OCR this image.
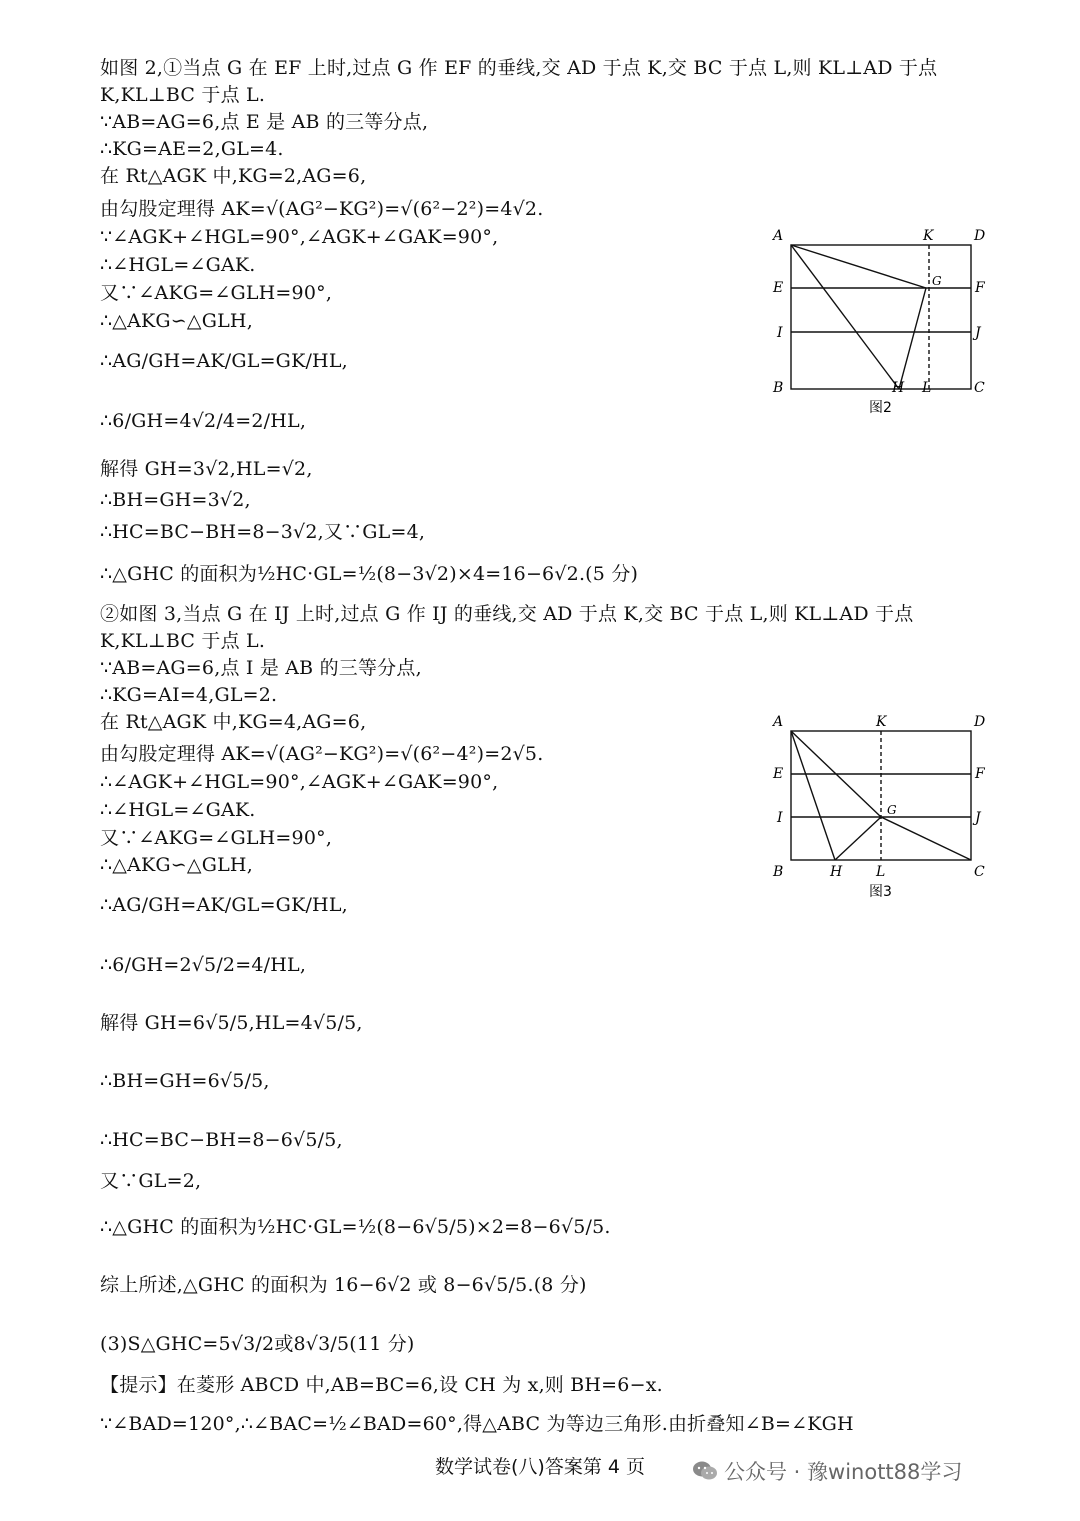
如图 2,①当点 G 在 EF 上时,过点 G 作 EF 的垂线,交 AD 于点 K,交 BC 于点 L,则 KL⊥AD 于点
K,KL⊥BC 于点 L.
∵AB=AG=6,点 E 是 AB 的三等分点,
∴KG=AE=2,GL=4.
在 Rt△AGK 中,KG=2,AG=6,
由勾股定理得 AK=√(AG²−KG²)=√(6²−2²)=4√2.
∵∠AGK+∠HGL=90°,∠AGK+∠GAK=90°,
∴∠HGL=∠GAK.
又∵∠AKG=∠GLH=90°,
∴△AKG∽△GLH,
∴AG/GH=AK/GL=GK/HL,
∴6/GH=4√2/4=2/HL,
解得 GH=3√2,HL=√2,
∴BH=GH=3√2,
∴HC=BC−BH=8−3√2,又∵GL=4,
∴△GHC 的面积为½HC·GL=½(8−3√2)×4=16−6√2.(5 分)
②如图 3,当点 G 在 IJ 上时,过点 G 作 IJ 的垂线,交 AD 于点 K,交 BC 于点 L,则 KL⊥AD 于点
K,KL⊥BC 于点 L.
∵AB=AG=6,点 I 是 AB 的三等分点,
∴KG=AI=4,GL=2.
在 Rt△AGK 中,KG=4,AG=6,
由勾股定理得 AK=√(AG²−KG²)=√(6²−4²)=2√5.
∴∠AGK+∠HGL=90°,∠AGK+∠GAK=90°,
∴∠HGL=∠GAK.
又∵∠AKG=∠GLH=90°,
∴△AKG∽△GLH,
∴AG/GH=AK/GL=GK/HL,
∴6/GH=2√5/2=4/HL,
解得 GH=6√5/5,HL=4√5/5,
∴BH=GH=6√5/5,
∴HC=BC−BH=8−6√5/5,
又∵GL=2,
∴△GHC 的面积为½HC·GL=½(8−6√5/5)×2=8−6√5/5.
综上所述,△GHC 的面积为 16−6√2 或 8−6√5/5.(8 分)
(3)S△GHC=5√3/2或8√3/5(11 分)
【提示】在菱形 ABCD 中,AB=BC=6,设 CH 为 x,则 BH=6−x.
∵∠BAD=120°,∴∠BAC=½∠BAD=60°,得△ABC 为等边三角形.由折叠知∠B=∠KGH
A	K	D
E	G F
I	J
B	H L	C
图2
A	K	D
E	F
I	G	J
B	H L	C
图3
数学试卷(八)答案第 4 页	公众号 · 豫winott88学习
